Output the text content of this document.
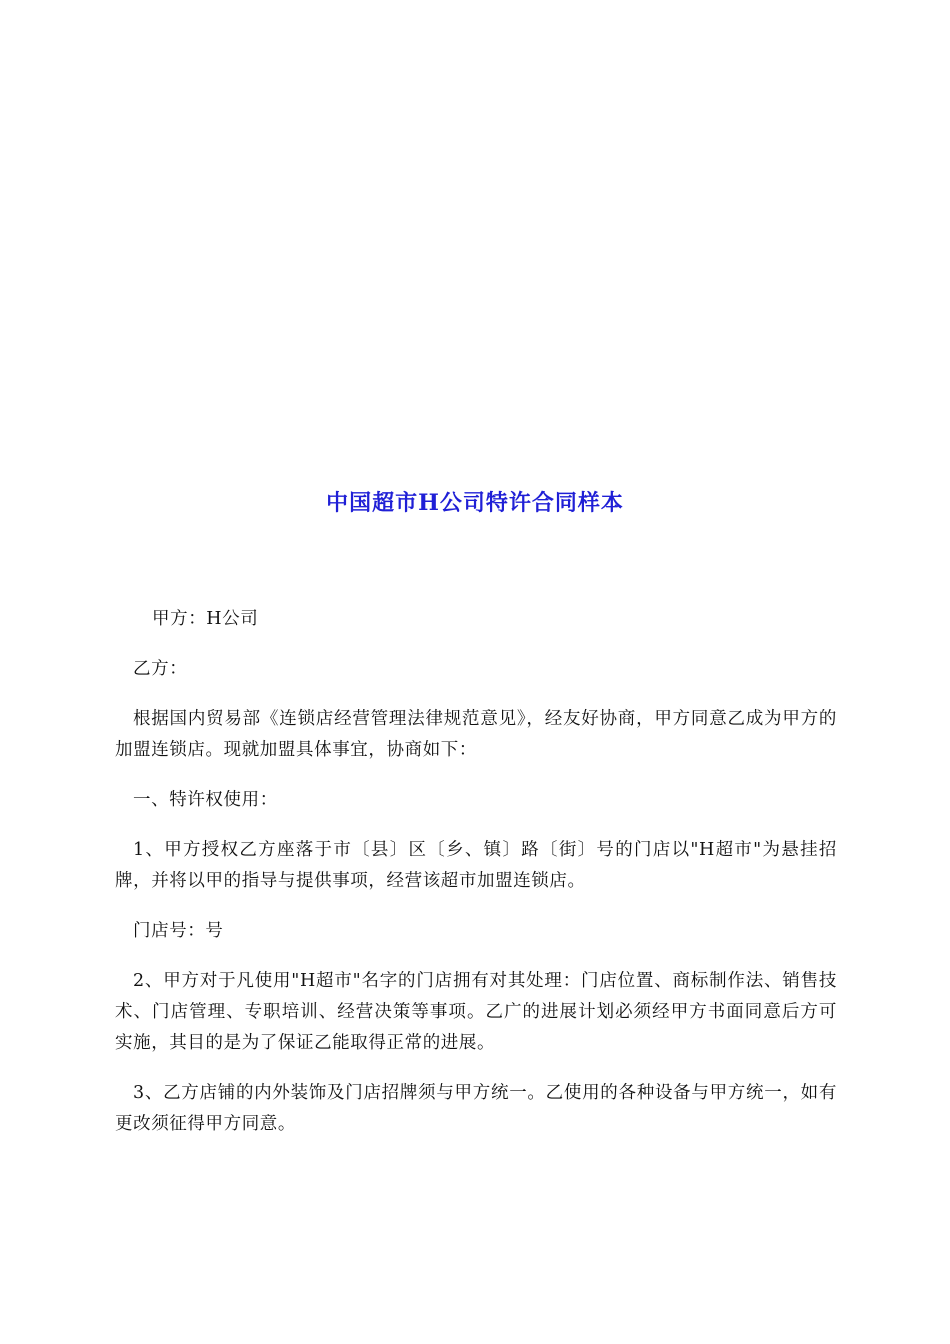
中国超市H公司特许合同样本

甲方：H公司

乙方：

根据国内贸易部《连锁店经营管理法律规范意见》，经友好协商，甲方同意乙成为甲方的加盟连锁店。现就加盟具体事宜，协商如下：

一、特许权使用：

1、甲方授权乙方座落于市〔县〕区〔乡、镇〕路〔街〕号的门店以"H超市"为悬挂招牌，并将以甲的指导与提供事项，经营该超市加盟连锁店。

门店号：号

2、甲方对于凡使用"H超市"名字的门店拥有对其处理：门店位置、商标制作法、销售技术、门店管理、专职培训、经营决策等事项。乙广的进展计划必须经甲方书面同意后方可实施，其目的是为了保证乙能取得正常的进展。

3、乙方店铺的内外装饰及门店招牌须与甲方统一。乙使用的各种设备与甲方统一，如有更改须征得甲方同意。
